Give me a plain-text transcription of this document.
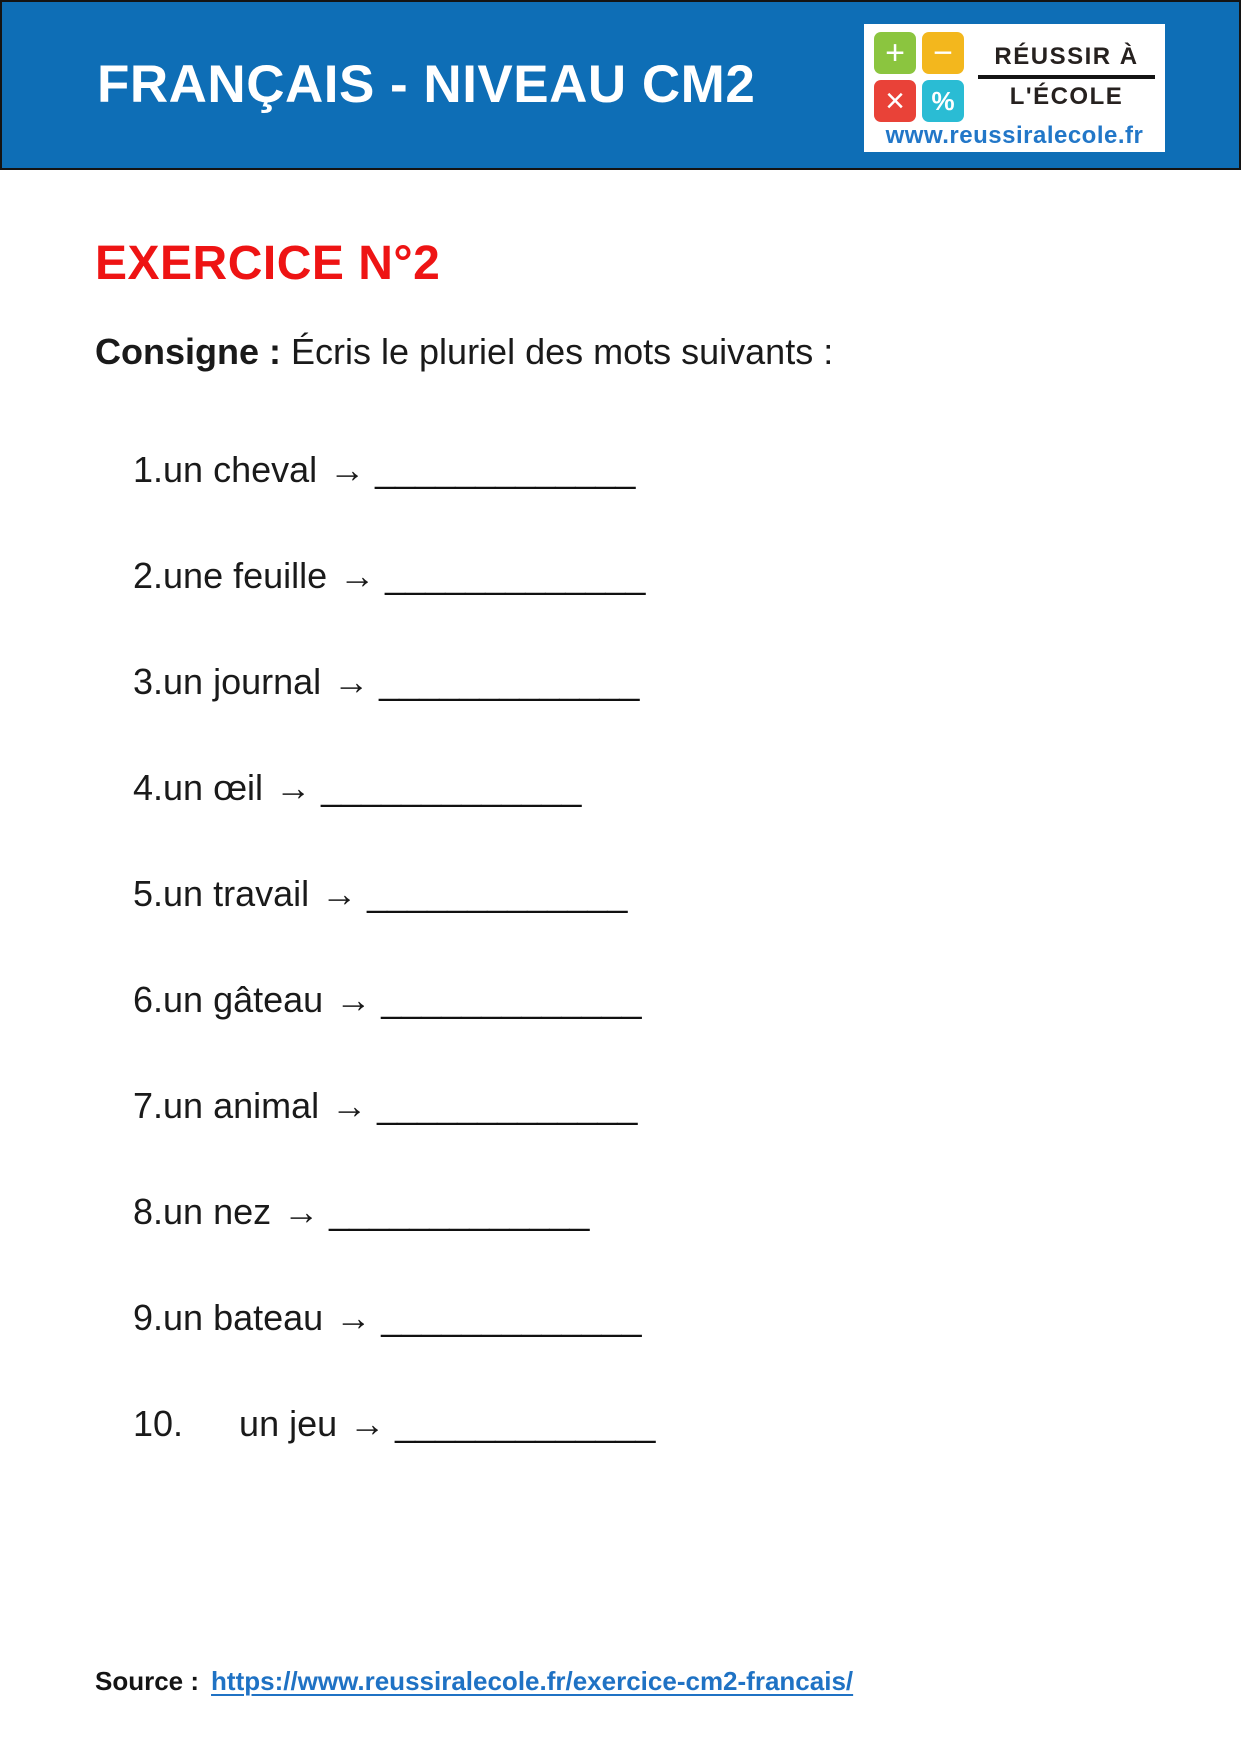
FRANÇAIS - NIVEAU CM2
+ −
×	%
RÉUSSIR À
L'ÉCOLE
www.reussiralecole.fr
EXERCICE N°2

Consigne : Écris le pluriel des mots suivants :

1.un cheval → _____________
2.une feuille → _____________
3.un journal → _____________
4.un œil → _____________
5.un travail → _____________
6.un gâteau → _____________
7.un animal → _____________
8.un nez → _____________
9.un bateau → _____________
10. un jeu → _____________
Source : https://www.reussiralecole.fr/exercice-cm2-francais/
